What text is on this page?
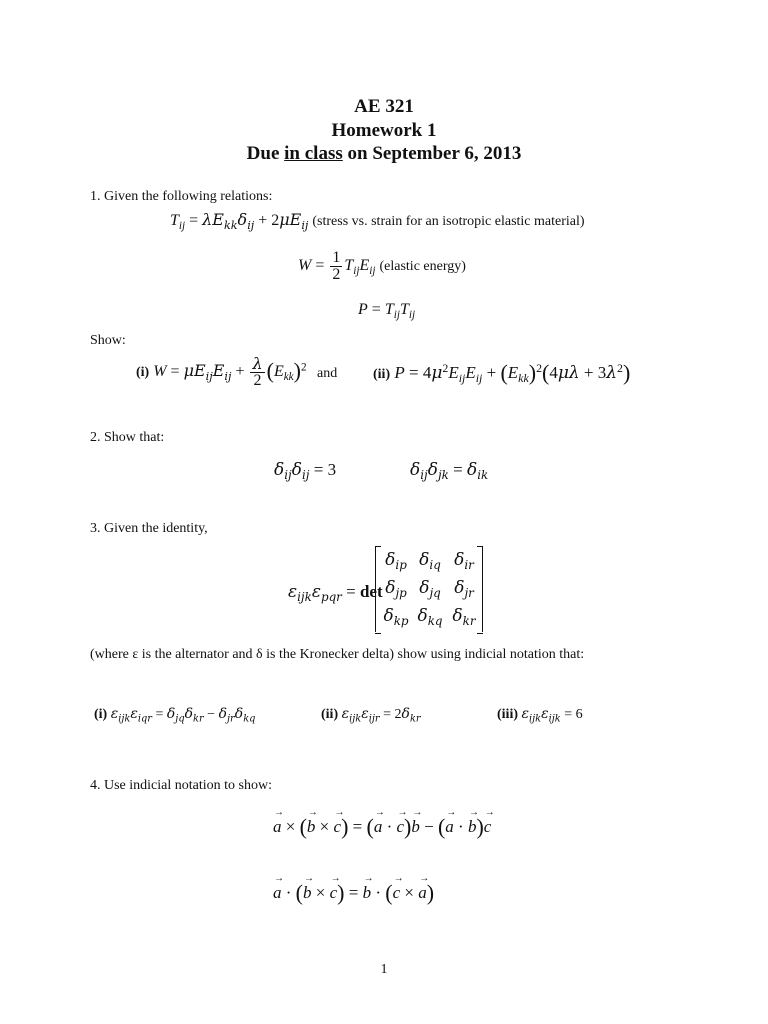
AE 321
Homework 1
Due in class on September 6, 2013
1. Given the following relations:
$T_{ij} = \lambda E_{kk}\delta_{ij} + 2\mu E_{ij}$ (stress vs. strain for an isotropic elastic material)
$W = \frac{1}{2} T_{ij}E_{ij}$ (elastic energy)
$P = T_{ij}T_{ij}$
Show:
(i) $W = \mu E_{ij}E_{ij} + \frac{\lambda}{2} (E_{kk})^2$ and	(ii) $P = 4\mu^2E_{ij}E_{ij} + (E_{kk})^2(4\mu\lambda + 3\lambda^2)$
2. Show that:
$\delta_{ij}\delta_{ij} = 3$	$\delta_{ij}\delta_{jk} = \delta_{ik}$
3. Given the identity,
$\varepsilon_{ijk}\varepsilon_{pqr} = \det$
$\delta_{ip}$ $\delta_{iq}$ $\delta_{ir}$
$\delta_{jp}$ $\delta_{jq}$ $\delta_{jr}$
$\delta_{kp}$ $\delta_{kq}$ $\delta_{kr}$
(where ε is the alternator and δ is the Kronecker delta) show using indicial notation that:
(i) $\varepsilon_{ijk}\varepsilon_{iqr} = \delta_{jq}\delta_{kr} - \delta_{jr}\delta_{kq}$	(ii) $\varepsilon_{ijk}\varepsilon_{ijr} = 2\delta_{kr}$	(iii) $\varepsilon_{ijk}\varepsilon_{ijk} = 6$
4. Use indicial notation to show:
→ a × (→ b × → c) = (→ a · → c)→ b − (→ a · → b)→ c
→ a · (→ b × → c) = → b · (→ c × → a)
1
